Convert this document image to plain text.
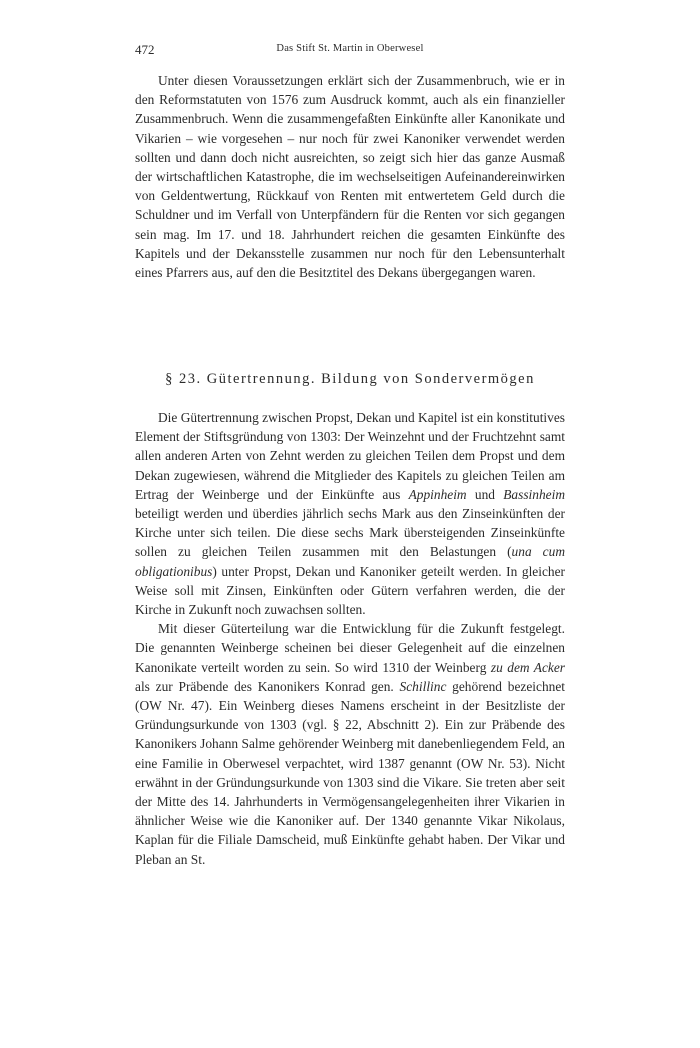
472	Das Stift St. Martin in Oberwesel

Unter diesen Voraussetzungen erklärt sich der Zusammenbruch, wie er in den Reformstatuten von 1576 zum Ausdruck kommt, auch als ein finanzieller Zusammenbruch. Wenn die zusammengefaßten Einkünfte aller Kanonikate und Vikarien – wie vorgesehen – nur noch für zwei Kanoniker verwendet werden sollten und dann doch nicht ausreichten, so zeigt sich hier das ganze Ausmaß der wirtschaftlichen Katastrophe, die im wechselseitigen Aufeinandereinwirken von Geldentwertung, Rückkauf von Renten mit entwertetem Geld durch die Schuldner und im Verfall von Unterpfändern für die Renten vor sich gegangen sein mag. Im 17. und 18. Jahrhundert reichen die gesamten Einkünfte des Kapitels und der Dekansstelle zusammen nur noch für den Lebensunterhalt eines Pfarrers aus, auf den die Besitztitel des Dekans übergegangen waren.

§ 23. Gütertrennung. Bildung von Sondervermögen

Die Gütertrennung zwischen Propst, Dekan und Kapitel ist ein konstitutives Element der Stiftsgründung von 1303: Der Weinzehnt und der Fruchtzehnt samt allen anderen Arten von Zehnt werden zu gleichen Teilen dem Propst und dem Dekan zugewiesen, während die Mitglieder des Kapitels zu gleichen Teilen am Ertrag der Weinberge und der Einkünfte aus Appinheim und Bassinheim beteiligt werden und überdies jährlich sechs Mark aus den Zinseinkünften der Kirche unter sich teilen. Die diese sechs Mark übersteigenden Zinseinkünfte sollen zu gleichen Teilen zusammen mit den Belastungen (una cum obligationibus) unter Propst, Dekan und Kanoniker geteilt werden. In gleicher Weise soll mit Zinsen, Einkünften oder Gütern verfahren werden, die der Kirche in Zukunft noch zuwachsen sollten.

Mit dieser Güterteilung war die Entwicklung für die Zukunft festgelegt. Die genannten Weinberge scheinen bei dieser Gelegenheit auf die einzelnen Kanonikate verteilt worden zu sein. So wird 1310 der Weinberg zu dem Acker als zur Präbende des Kanonikers Konrad gen. Schillinc gehörend bezeichnet (OW Nr. 47). Ein Weinberg dieses Namens erscheint in der Besitzliste der Gründungsurkunde von 1303 (vgl. § 22, Abschnitt 2). Ein zur Präbende des Kanonikers Johann Salme gehörender Weinberg mit danebenliegendem Feld, an eine Familie in Oberwesel verpachtet, wird 1387 genannt (OW Nr. 53). Nicht erwähnt in der Gründungsurkunde von 1303 sind die Vikare. Sie treten aber seit der Mitte des 14. Jahrhunderts in Vermögensangelegenheiten ihrer Vikarien in ähnlicher Weise wie die Kanoniker auf. Der 1340 genannte Vikar Nikolaus, Kaplan für die Filiale Damscheid, muß Einkünfte gehabt haben. Der Vikar und Pleban an St.
